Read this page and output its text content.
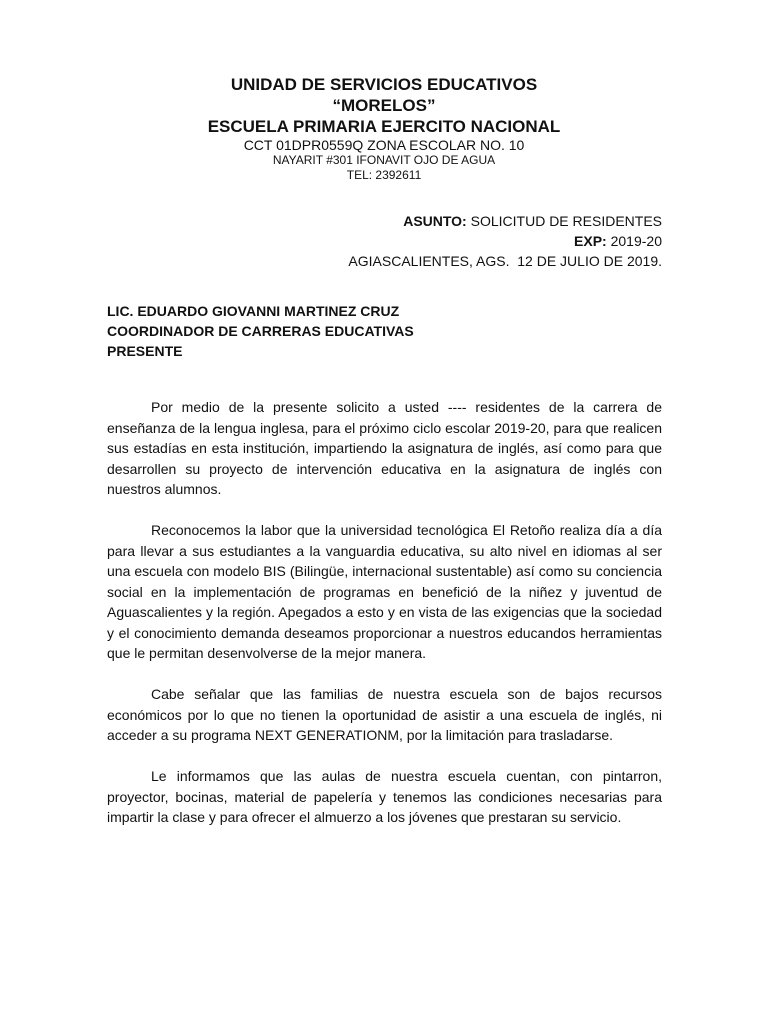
UNIDAD DE SERVICIOS EDUCATIVOS
“MORELOS”
ESCUELA PRIMARIA EJERCITO NACIONAL
CCT 01DPR0559Q ZONA ESCOLAR NO. 10
NAYARIT #301 IFONAVIT OJO DE AGUA
TEL: 2392611
ASUNTO: SOLICITUD DE RESIDENTES
EXP: 2019-20
AGIASCALIENTES, AGS.  12 DE JULIO DE 2019.
LIC. EDUARDO GIOVANNI MARTINEZ CRUZ
COORDINADOR DE CARRERAS EDUCATIVAS
PRESENTE

Por medio de la presente solicito a usted ---- residentes de la carrera de enseñanza de la lengua inglesa, para el próximo ciclo escolar 2019-20, para que realicen sus estadías en esta institución, impartiendo la asignatura de inglés, así como para que desarrollen su proyecto de intervención educativa en la asignatura de inglés con nuestros alumnos.

Reconocemos la labor que la universidad tecnológica El Retoño realiza día a día para llevar a sus estudiantes a la vanguardia educativa, su alto nivel en idiomas al ser una escuela con modelo BIS (Bilingüe, internacional sustentable) así como su conciencia social en la implementación de programas en benefició de la niñez y juventud de Aguascalientes y la región. Apegados a esto y en vista de las exigencias que la sociedad y el conocimiento demanda deseamos proporcionar a nuestros educandos herramientas que le permitan desenvolverse de la mejor manera.

Cabe señalar que las familias de nuestra escuela son de bajos recursos económicos por lo que no tienen la oportunidad de asistir a una escuela de inglés, ni acceder a su programa NEXT GENERATIONM, por la limitación para trasladarse.

Le informamos que las aulas de nuestra escuela cuentan, con pintarron, proyector, bocinas, material de papelería y tenemos las condiciones necesarias para impartir la clase y para ofrecer el almuerzo a los jóvenes que prestaran su servicio.
